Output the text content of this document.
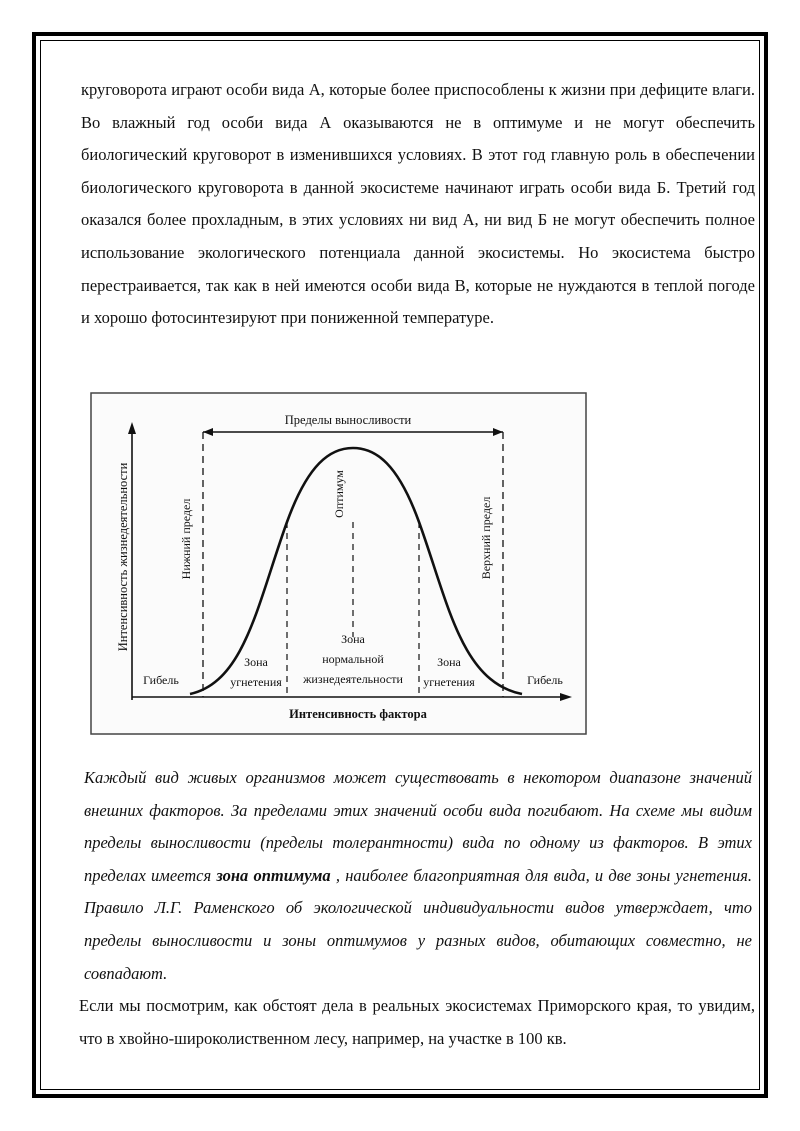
круговорота играют особи вида А, которые более приспособлены к жизни при дефиците влаги. Во влажный год особи вида А оказываются не в оптимуме и не могут обеспечить биологический круговорот в изменившихся условиях. В этот год главную роль в обеспечении биологического круговорота в данной экосистеме начинают играть особи вида Б. Третий год оказался более прохладным, в этих условиях ни вид А, ни вид Б не могут обеспечить полное использование экологического потенциала данной экосистемы. Но экосистема быстро перестраивается, так как в ней имеются особи вида В, которые не нуждаются в теплой погоде и хорошо фотосинтезируют при пониженной температуре.

Пределы выносливости
Интенсивность жизнедеятельности	Нижний предел	Верхний предел
Оптимум
Гибель	Гибель
Зона
угнетения
Зона
нормальной
жизнедеятельности
Зона
угнетения
Интенсивность фактора

Каждый вид живых организмов может существовать в некотором диапазоне значений внешних факторов. За пределами этих значений особи вида погибают. На схеме мы видим пределы выносливости (пределы толерантности) вида по одному из факторов. В этих пределах имеется зона оптимума , наиболее благоприятная для вида, и две зоны угнетения. Правило Л.Г. Раменского об экологической индивидуальности видов утверждает, что пределы выносливости и зоны оптимумов у разных видов, обитающих совместно, не совпадают.

Если мы посмотрим, как обстоят дела в реальных экосистемах Приморского края, то увидим, что в хвойно-широколиственном лесу, например, на участке в 100 кв.
